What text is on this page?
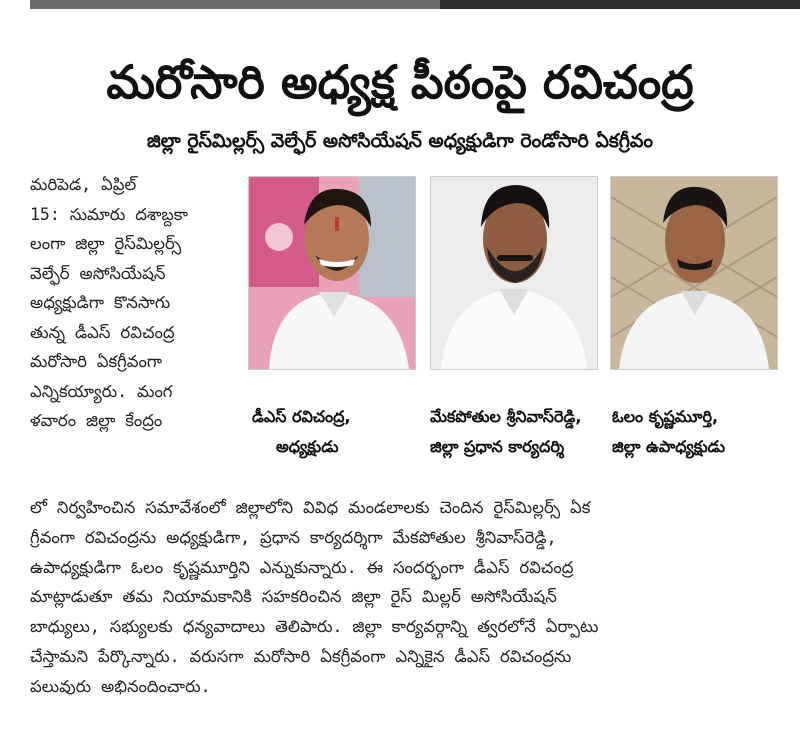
మరోసారి అధ్యక్ష పీఠంపై రవిచంద్ర
జిల్లా రైస్‌మిల్లర్స్ వెల్ఫేర్ అసోసియేషన్ అధ్యక్షుడిగా రెండోసారి ఏకగ్రీవం
మరిపెడ, ఏప్రిల్
15: సుమారు దశాబ్దకా
లంగా జిల్లా రైస్‌మిల్లర్స్
వెల్ఫేర్ అసోసియేషన్
అధ్యక్షుడిగా కొనసాగు
తున్న డీఎస్ రవిచంద్ర
మరోసారి ఏకగ్రీవంగా
ఎన్నికయ్యారు. మంగ
ళవారం జిల్లా కేంద్రం	డీఎస్ రవిచంద్ర,
అధ్యక్షుడు
మేకపోతుల శ్రీనివాస్‌రెడ్డి,
జిల్లా ప్రధాన కార్యదర్శి
ఓలం కృష్ణమూర్తి,
జిల్లా ఉపాధ్యక్షుడు
లో నిర్వహించిన సమావేశంలో జిల్లాలోని వివిధ మండలాలకు చెందిన రైస్‌మిల్లర్స్ ఏక
గ్రీవంగా రవిచంద్రను అధ్యక్షుడిగా, ప్రధాన కార్యదర్శిగా మేకపోతుల శ్రీనివాస్‌రెడ్డి,
ఉపాధ్యక్షుడిగా ఓలం కృష్ణమూర్తిని ఎన్నుకున్నారు. ఈ సందర్భంగా డీఎస్ రవిచంద్ర
మాట్లాడుతూ తమ నియామకానికి సహకరించిన జిల్లా రైస్ మిల్లర్ అసోసియేషన్
బాధ్యులు, సభ్యులకు ధన్యవాదాలు తెలిపారు. జిల్లా కార్యవర్గాన్ని త్వరలోనే ఏర్పాటు
చేస్తామని పేర్కొన్నారు. వరుసగా మరోసారి ఏకగ్రీవంగా ఎన్నికైన డీఎస్ రవిచంద్రను
పలువురు అభినందించారు.
